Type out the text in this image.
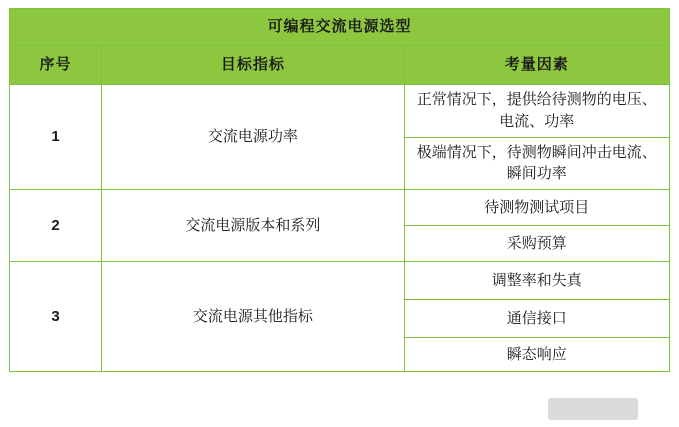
可编程交流电源选型		
序号	目标指标	考量因素
1	交流电源功率	正常情况下，提供给待测物的电压、电流、功率
		极端情况下，待测物瞬间冲击电流、瞬间功率
2	交流电源版本和系列	待测物测试项目
		采购预算
3	交流电源其他指标	调整率和失真
		通信接口
		瞬态响应
